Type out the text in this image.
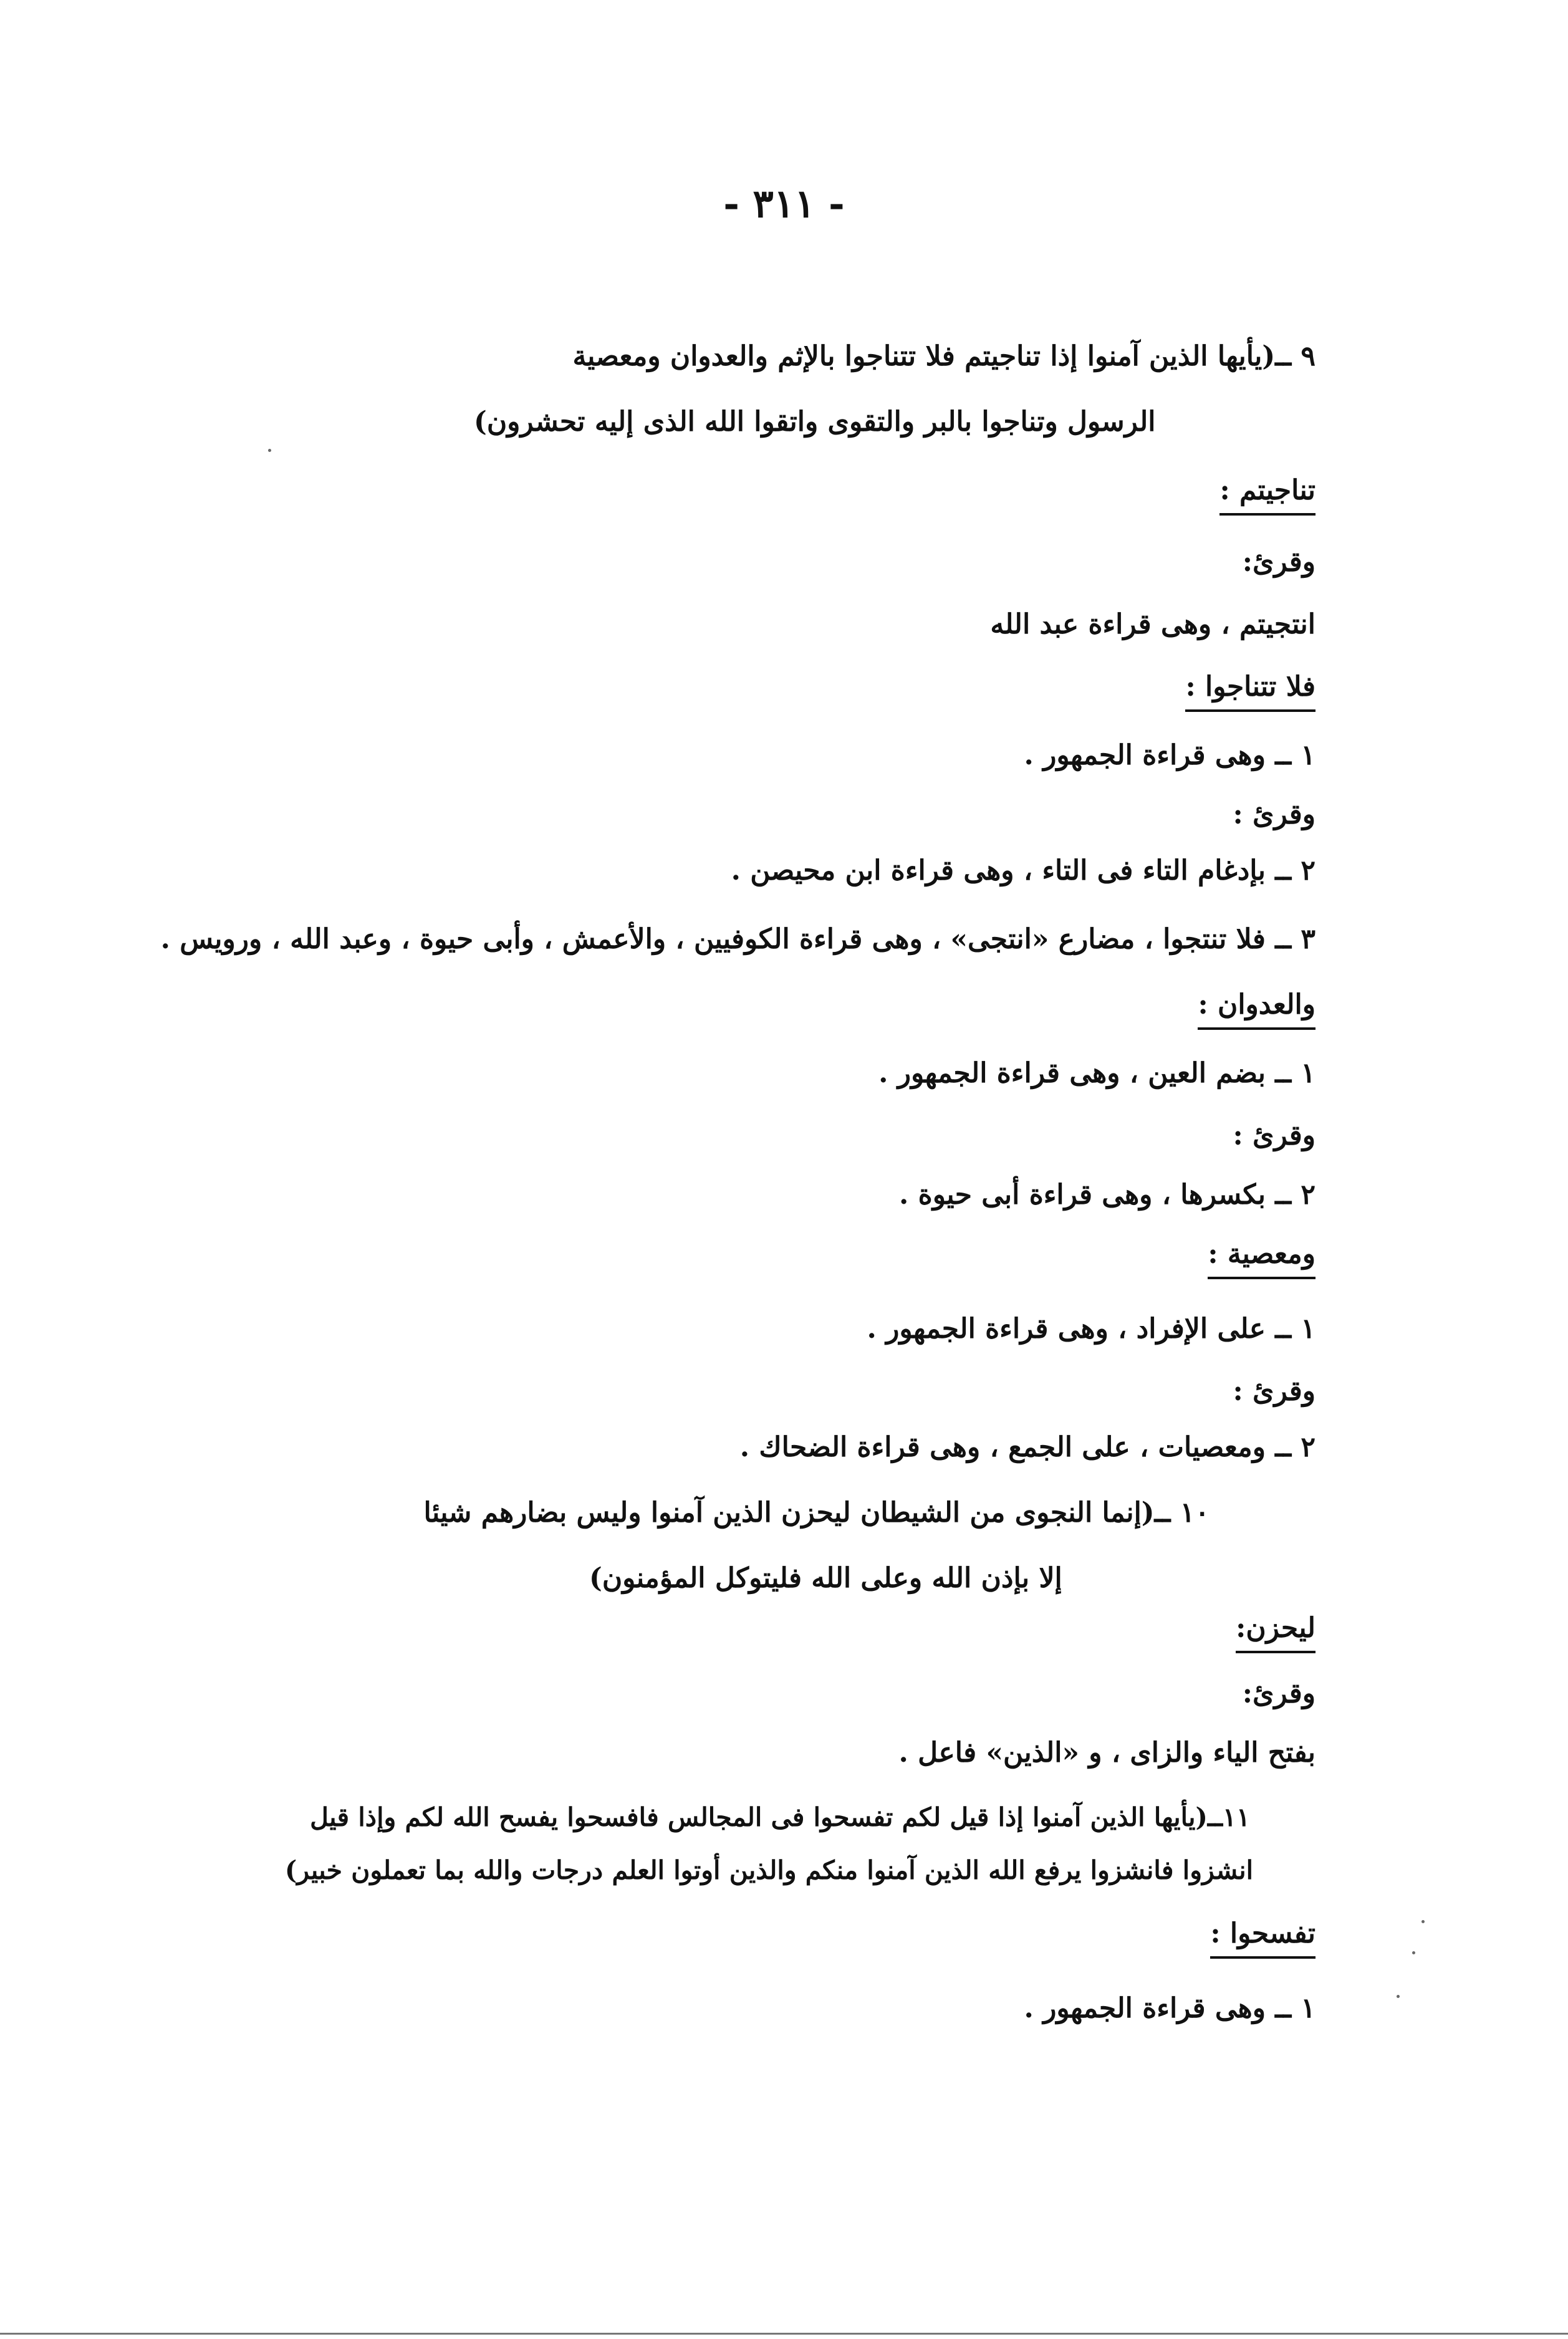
- ٣١١ -
٩ ــ(يأيها الذين آمنوا إذا تناجيتم فلا تتناجوا بالإثم والعدوان ومعصية
الرسول وتناجوا بالبر والتقوى واتقوا الله الذى إليه تحشرون)
تناجيتم :
وقرئ:
انتجيتم ، وهى قراءة عبد الله
فلا تتناجوا :
١ ــ وهى قراءة الجمهور .
وقرئ :
٢ ــ بإدغام التاء فى التاء ، وهى قراءة ابن محيصن .
٣ ــ فلا تنتجوا ، مضارع «انتجى» ، وهى قراءة الكوفيين ، والأعمش ، وأبى حيوة ، وعبد الله ، ورويس .
والعدوان :
١ ــ بضم العين ، وهى قراءة الجمهور .
وقرئ :
٢ ــ بكسرها ، وهى قراءة أبى حيوة .
ومعصية :
١ ــ على الإفراد ، وهى قراءة الجمهور .
وقرئ :
٢ ــ ومعصيات ، على الجمع ، وهى قراءة الضحاك .
١٠ ــ(إنما النجوى من الشيطان ليحزن الذين آمنوا وليس بضارهم شيئا
إلا بإذن الله وعلى الله فليتوكل المؤمنون)
ليحزن:
وقرئ:
بفتح الياء والزاى ، و «الذين» فاعل .
١١ــ(يأيها الذين آمنوا إذا قيل لكم تفسحوا فى المجالس فافسحوا يفسح الله لكم وإذا قيل
انشزوا فانشزوا يرفع الله الذين آمنوا منكم والذين أوتوا العلم درجات والله بما تعملون خبير)
تفسحوا :
١ ــ وهى قراءة الجمهور .
